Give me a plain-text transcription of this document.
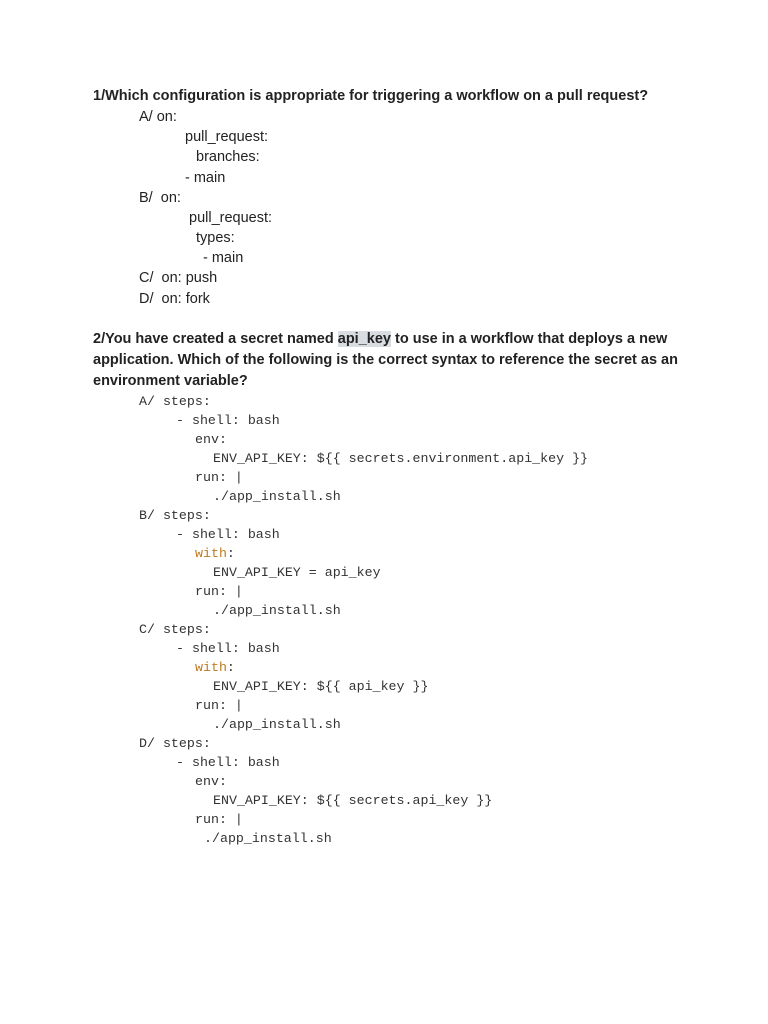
1/Which configuration is appropriate for triggering a workflow on a pull request?
A/ on:
pull_request:
branches:
- main
B/  on:
pull_request:
types:
- main
C/  on: push
D/  on: fork
2/You have created a secret named api_key to use in a workflow that deploys a new application. Which of the following is the correct syntax to reference the secret as an environment variable?
A/ steps:
- shell: bash
env:
ENV_API_KEY: ${{ secrets.environment.api_key }}
run: |
./app_install.sh
B/ steps:
- shell: bash
with:
ENV_API_KEY = api_key
run: |
./app_install.sh
C/ steps:
- shell: bash
with:
ENV_API_KEY: ${{ api_key }}
run: |
./app_install.sh
D/ steps:
- shell: bash
env:
ENV_API_KEY: ${{ secrets.api_key }}
run: |
./app_install.sh
